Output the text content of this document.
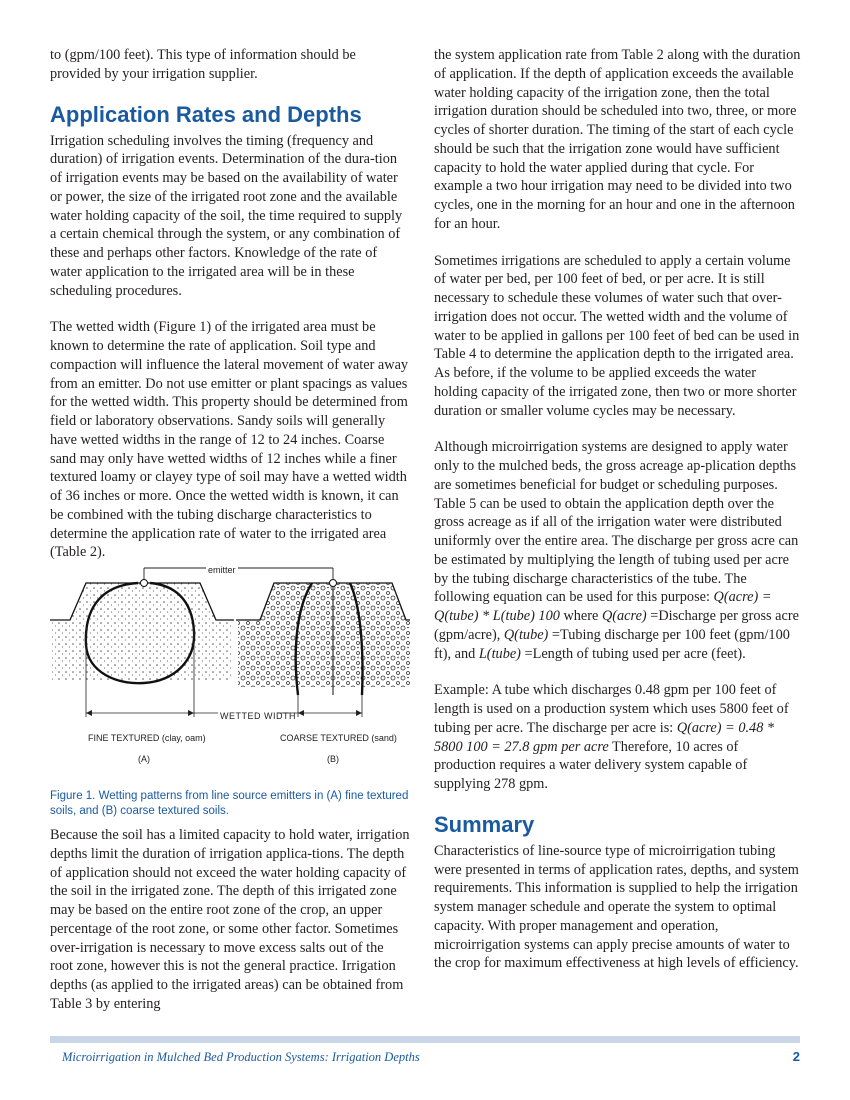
to (gpm/100 feet). This type of information should be provided by your irrigation supplier.

Application Rates and Depths

Irrigation scheduling involves the timing (frequency and duration) of irrigation events. Determination of the dura-tion of irrigation events may be based on the availability of water or power, the size of the irrigated root zone and the available water holding capacity of the soil, the time required to supply a certain chemical through the system, or any combination of these and perhaps other factors. Knowledge of the rate of water application to the irrigated area will be in these scheduling procedures.

The wetted width (Figure 1) of the irrigated area must be known to determine the rate of application. Soil type and compaction will influence the lateral movement of water away from an emitter. Do not use emitter or plant spacings as values for the wetted width. This property should be determined from field or laboratory observations. Sandy soils will generally have wetted widths in the range of 12 to 24 inches. Coarse sand may only have wetted widths of 12 inches while a finer textured loamy or clayey type of soil may have a wetted width of 36 inches or more. Once the wetted width is known, it can be combined with the tubing discharge characteristics to determine the application rate of water to the irrigated area (Table 2).

emitter
WETTED WIDTH
FINE TEXTURED (clay, oam)	COARSE TEXTURED (sand)
(A)	(B)
Figure 1. Wetting patterns from line source emitters in (A) fine textured soils, and (B) coarse textured soils.

Because the soil has a limited capacity to hold water, irrigation depths limit the duration of irrigation applica-tions. The depth of application should not exceed the water holding capacity of the soil in the irrigated zone. The depth of this irrigated zone may be based on the entire root zone of the crop, an upper percentage of the root zone, or some other factor. Sometimes over-irrigation is necessary to move excess salts out of the root zone, however this is not the general practice. Irrigation depths (as applied to the irrigated areas) can be obtained from Table 3 by entering

the system application rate from Table 2 along with the duration of application. If the depth of application exceeds the available water holding capacity of the irrigation zone, then the total irrigation duration should be scheduled into two, three, or more cycles of shorter duration. The timing of the start of each cycle should be such that the irrigation zone would have sufficient capacity to hold the water applied during that cycle. For example a two hour irrigation may need to be divided into two cycles, one in the morning for an hour and one in the afternoon for an hour.

Sometimes irrigations are scheduled to apply a certain volume of water per bed, per 100 feet of bed, or per acre. It is still necessary to schedule these volumes of water such that over-irrigation does not occur. The wetted width and the volume of water to be applied in gallons per 100 feet of bed can be used in Table 4 to determine the application depth to the irrigated area. As before, if the volume to be applied exceeds the water holding capacity of the irrigated zone, then two or more shorter duration or smaller volume cycles may be necessary.

Although microirrigation systems are designed to apply water only to the mulched beds, the gross acreage ap-plication depths are sometimes beneficial for budget or scheduling purposes. Table 5 can be used to obtain the application depth over the gross acreage as if all of the irrigation water were distributed uniformly over the entire area. The discharge per gross acre can be estimated by multiplying the length of tubing used per acre by the tubing discharge characteristics of the tube. The following equation can be used for this purpose: Q(acre) = Q(tube) * L(tube) 100 where Q(acre) =Discharge per gross acre (gpm/acre), Q(tube) =Tubing discharge per 100 feet (gpm/100 ft), and L(tube) =Length of tubing used per acre (feet).

Example: A tube which discharges 0.48 gpm per 100 feet of length is used on a production system which uses 5800 feet of tubing per acre. The discharge per acre is: Q(acre) = 0.48 * 5800 100 = 27.8 gpm per acre Therefore, 10 acres of production requires a water delivery system capable of supplying 278 gpm.

Summary

Characteristics of line-source type of microirrigation tubing were presented in terms of application rates, depths, and system requirements. This information is supplied to help the irrigation system manager schedule and operate the system to optimal capacity. With proper management and operation, microirrigation systems can apply precise amounts of water to the crop for maximum effectiveness at high levels of efficiency.

Microirrigation in Mulched Bed Production Systems: Irrigation Depths	2
